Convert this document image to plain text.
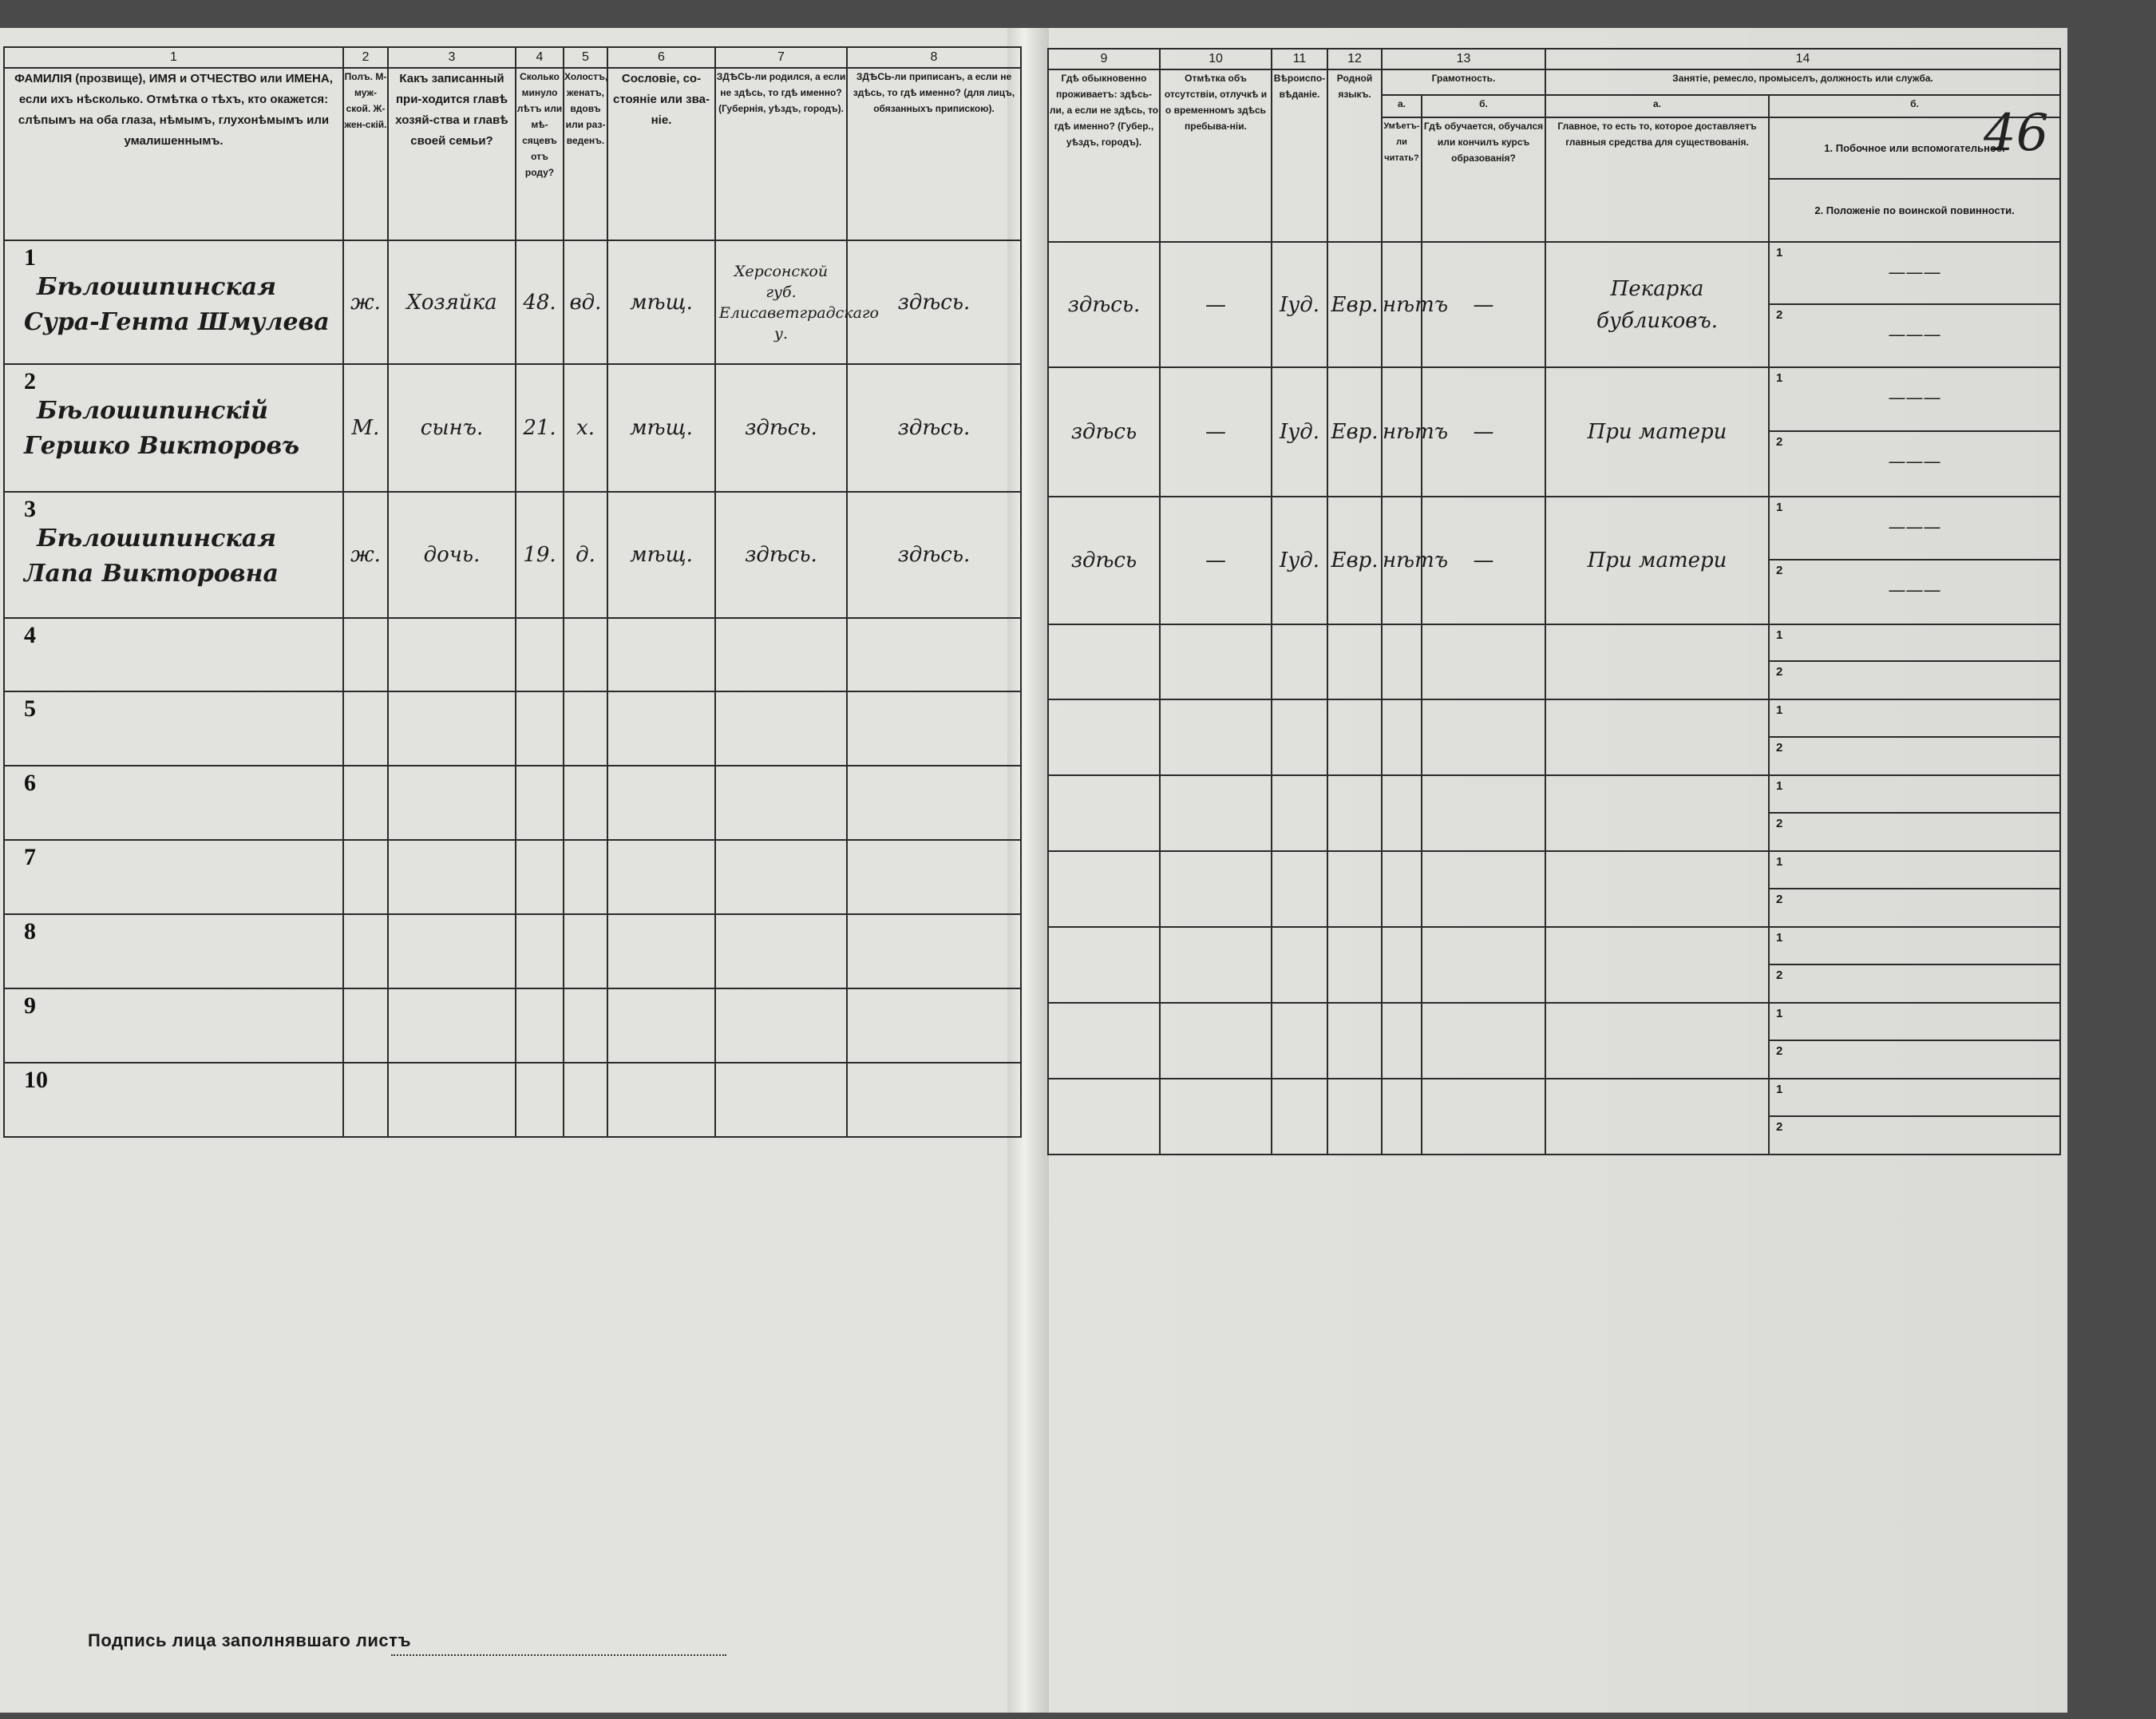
46
1	2	3	4	5	6	7	8
ФАМИЛІЯ (прозвище), ИМЯ и ОТЧЕСТВО или ИМЕНА, если ихъ нѣсколько. Отмѣтка о тѣхъ, кто окажется: слѣпымъ на оба глаза, нѣмымъ, глухонѣмымъ или умалишеннымъ.	Полъ. М-муж-ской. Ж-жен-скій.	Какъ записанный при-ходится главѣ хозяй-ства и главѣ своей семьи?	Сколько минуло лѣтъ или мѣ-сяцевъ отъ роду?	Холостъ, женатъ, вдовъ или раз-веденъ.	Сословіе, со-стояніе или зва-ніе.	ЗДѢСЬ-ли родился, а если не здѣсь, то гдѣ именно? (Губернія, уѣздъ, городъ).	ЗДѢСЬ-ли приписанъ, а если не здѣсь, то гдѣ именно? (для лицъ, обязанныхъ припискою).

1
Бѣлошипинская
Сура-Гента Шмулева	ж.	Хозяйка	48.	вд.	мѣщ.	Херсонской губ. Елисаветградскаго у.	здѣсь.

2
Бѣлошипинскій
Гершко Викторовъ	М.	сынъ.	21.	х.	мѣщ.	здѣсь.	здѣсь.

3
Бѣлошипинская
Лапа Викторовна	ж.	дочь.	19.	д.	мѣщ.	здѣсь.	здѣсь.

4							

5							

6							

7							

8							

9							

10							

9	10	11	12	13		14	
Гдѣ обыкновенно проживаетъ: здѣсь-ли, а если не здѣсь, то гдѣ именно? (Губер., уѣздъ, городъ).	Отмѣтка объ отсутствіи, отлучкѣ и о временномъ здѣсь пребыва-ніи.	Вѣроиспо-вѣданіе.	Родной языкъ.	Грамотность.		Занятіе, ремесло, промыселъ, должность или служба.	
				а.	б.	а.	б.
				Умѣетъ-ли читать?	Гдѣ обучается, обучался или кончилъ курсъ образованія?	Главное, то есть то, которое доставляетъ главныя средства для существованія.	1. Побочное или вспомогательное.
2. Положеніе по воинской повинности.

здѣсь.	—	Іуд.	Евр.	нѣтъ	—	Пекарка бубликовъ.	1
———
2
———

здѣсь	—	Іуд.	Евр.	нѣтъ	—	При матери	1
———
2
———

здѣсь	—	Іуд.	Евр.	нѣтъ	—	При матери	1
———
2
———

							1
2

							1
2

							1
2

							1
2

							1
2

							1
2

							1
2
Подпись лица заполнявшаго листъ
